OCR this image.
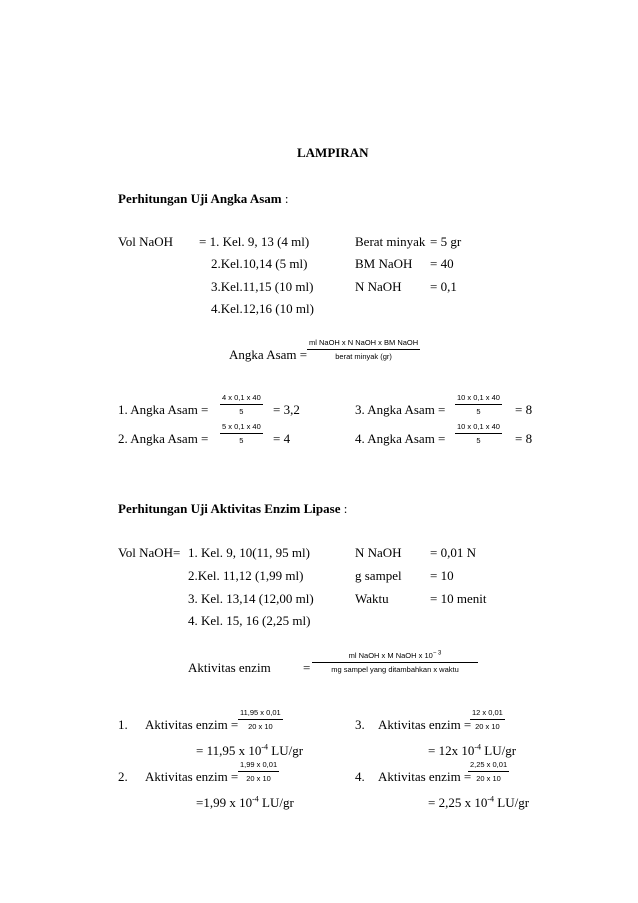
LAMPIRAN
Perhitungan Uji Angka Asam :
Vol NaOH = 1. Kel. 9, 13 (4 ml)
2.Kel.10,14 (5 ml)
3.Kel.11,15 (10 ml)
4.Kel.12,16 (10 ml)
Berat minyak = 5 gr
BM NaOH = 40
N NaOH = 0,1
Angka Asam =
ml NaOH x N NaOH x BM NaOH
berat minyak (gr)
1. Angka Asam =
4 x 0,1 x 40
5 = 3,2	3. Angka Asam =
10 x 0,1 x 40
5	= 8
2. Angka Asam =
5 x 0,1 x 40
5 = 4	4. Angka Asam =
10 x 0,1 x 40
5	= 8
Perhitungan Uji Aktivitas Enzim Lipase :
Vol NaOH= 1. Kel. 9, 10(11, 95 ml)
2.Kel. 11,12 (1,99 ml)
3. Kel. 13,14 (12,00 ml)
4. Kel. 15, 16 (2,25 ml)
N NaOH = 0,01 N
g sampel = 10
Waktu	= 10 menit
Aktivitas enzim =
ml NaOH x M NaOH x $10^{- 3}$
mg sampel yang ditambahkan x waktu
1. Aktivitas enzim =
11,95 x 0,01
20 x 10
= 11,95 x $10^{-4}$ LU/gr
3. Aktivitas enzim =
12 x 0,01
20 x 10
= 12x $10^{-4}$ LU/gr
2. Aktivitas enzim =
1,99 x 0,01
20 x 10
=1,99 x $10^{-4}$ LU/gr
4. Aktivitas enzim =
2,25 x 0,01
20 x 10
= 2,25 x $10^{-4}$ LU/gr
